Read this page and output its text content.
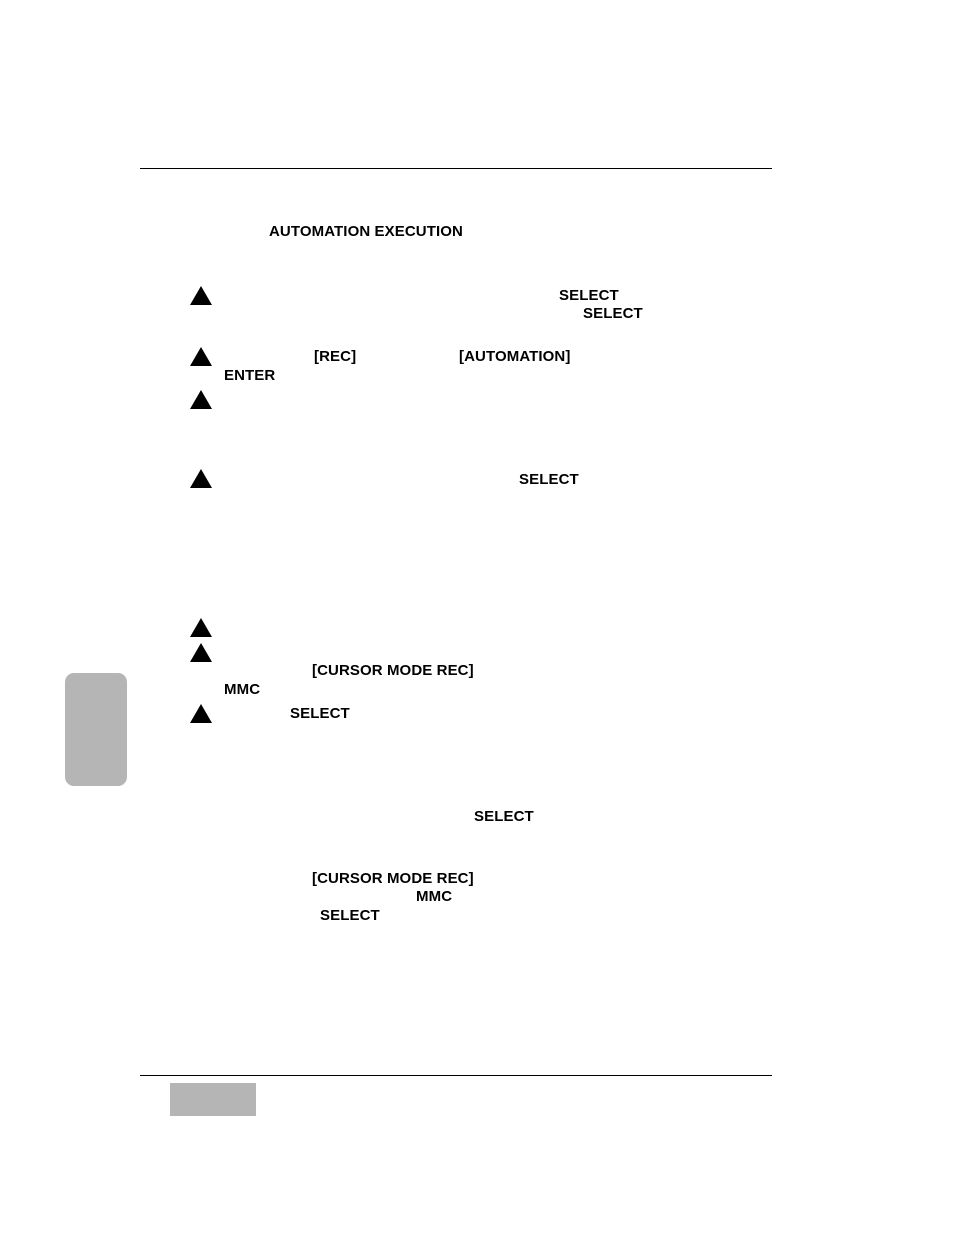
AUTOMATION EXECUTION
SELECT
SELECT
[REC]	[AUTOMATION]
ENTER
SELECT
[CURSOR MODE REC]
MMC
SELECT
SELECT
[CURSOR MODE REC]
MMC
SELECT
